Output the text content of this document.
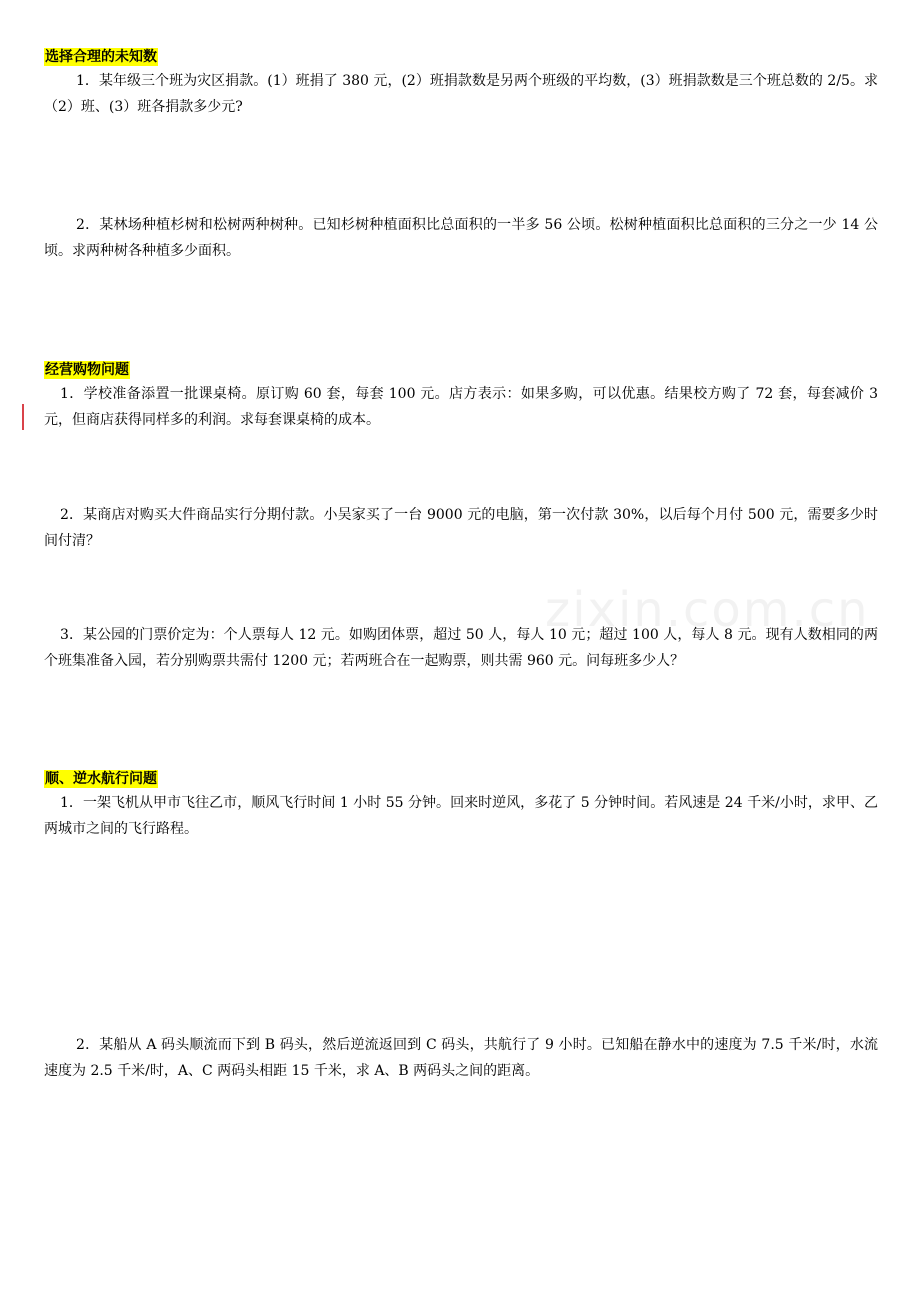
选择合理的未知数
1．某年级三个班为灾区捐款。(1）班捐了 380 元，(2）班捐款数是另两个班级的平均数，(3）班捐款数是三个班总数的 2/5。求（2）班、(3）班各捐款多少元?
2．某林场种植杉树和松树两种树种。已知杉树种植面积比总面积的一半多 56 公顷。松树种植面积比总面积的三分之一少 14 公顷。求两种树各种植多少面积。
经营购物问题
1．学校准备添置一批课桌椅。原订购 60 套，每套 100 元。店方表示：如果多购，可以优惠。结果校方购了 72 套，每套减价 3 元，但商店获得同样多的利润。求每套课桌椅的成本。
2．某商店对购买大件商品实行分期付款。小吴家买了一台 9000 元的电脑，第一次付款 30%，以后每个月付 500 元，需要多少时间付清？
3．某公园的门票价定为：个人票每人 12 元。如购团体票，超过 50 人，每人 10 元；超过 100 人，每人 8 元。现有人数相同的两个班集准备入园，若分别购票共需付 1200 元；若两班合在一起购票，则共需 960 元。问每班多少人？
顺、逆水航行问题
1．一架飞机从甲市飞往乙市，顺风飞行时间 1 小时 55 分钟。回来时逆风，多花了 5 分钟时间。若风速是 24 千米/小时，求甲、乙两城市之间的飞行路程。
2．某船从 A 码头顺流而下到 B 码头，然后逆流返回到 C 码头，共航行了 9 小时。已知船在静水中的速度为 7.5 千米/时，水流速度为 2.5 千米/时，A、C 两码头相距 15 千米，求 A、B 两码头之间的距离。
zixin.com.cn
